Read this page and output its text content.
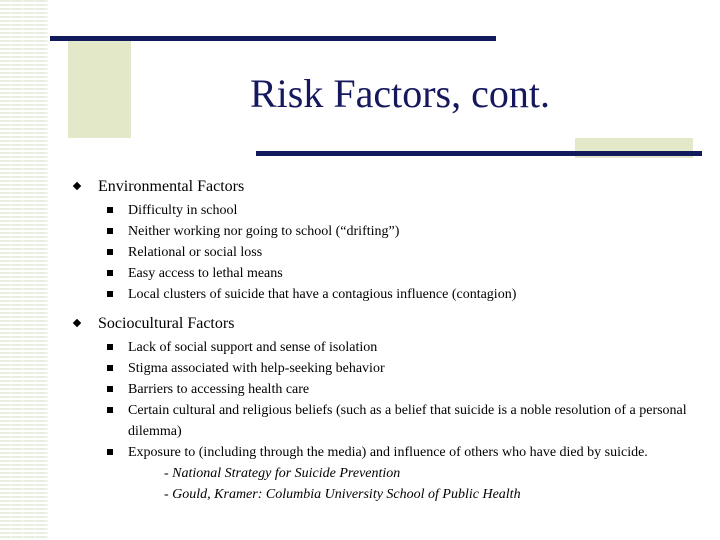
Risk Factors, cont.
Environmental Factors
Difficulty in school
Neither working nor going to school (“drifting”)
Relational or social loss
Easy access to lethal means
Local clusters of suicide that have a contagious influence (contagion)
Sociocultural Factors
Lack of social support and sense of isolation
Stigma associated with help-seeking behavior
Barriers to accessing health care
Certain cultural and religious beliefs (such as a belief that suicide is a noble resolution of a personal dilemma)
Exposure to (including through the media) and influence of others who have died by suicide.
- National Strategy for Suicide Prevention
- Gould, Kramer: Columbia University School of Public Health
